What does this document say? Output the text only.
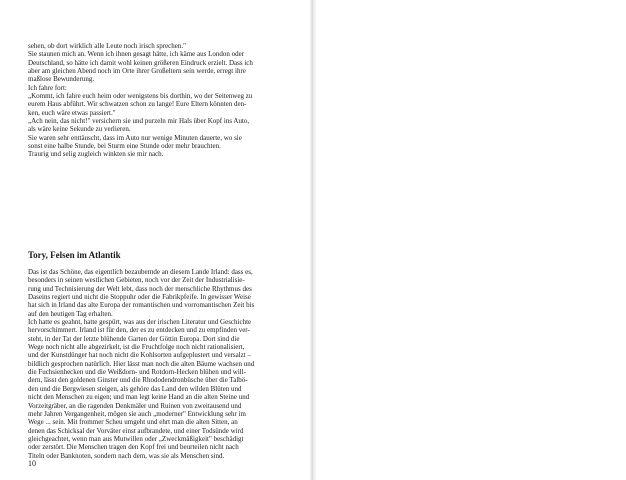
sehen, ob dort wirklich alle Leute noch irisch sprechen."
Sie staunen mich an. Wenn ich ihnen gesagt hätte, ich käme aus London oder
Deutschland, so hätte ich damit wohl keinen größeren Eindruck erzielt. Dass ich
aber am gleichen Abend noch im Orte ihrer Großeltern sein werde, erregt ihre
maßlose Bewunderung.
Ich fahre fort:
„Kommt, ich fahre euch heim oder wenigstens bis dorthin, wo der Seitenweg zu
eurem Haus abführt. Wir schwatzen schon zu lange! Eure Eltern könnten den-
ken, euch wäre etwas passiert."
„Ach nein, das nicht!" versichern sie und purzeln mir Hals über Kopf ins Auto,
als wäre keine Sekunde zu verlieren.
Sie waren sehr enttäuscht, dass im Auto nur wenige Minuten dauerte, wo sie
sonst eine halbe Stunde, bei Sturm eine Stunde oder mehr brauchten.
Traurig und selig zugleich winkten sie mir nach.

Tory, Felsen im Atlantik

Das ist das Schöne, das eigentlich bezaubernde an diesem Lande Irland: dass es,
besonders in seinen westlichen Gebieten, noch vor der Zeit der Industrialisie-
rung und Technisierung der Welt lebt, dass noch der menschliche Rhythmus des
Daseins regiert und nicht die Stoppuhr oder die Fabrikpfeife. In gewisser Weise
hat sich in Irland das alte Europa der romantischen und vorromantischen Zeit bis
auf den heutigen Tag erhalten.
Ich hatte es geahnt, hatte gespürt, was aus der irischen Literatur und Geschichte
hervorschimmert. Irland ist für den, der es zu entdecken und zu empfinden ver-
steht, in der Tat der letzte blühende Garten der Göttin Europa. Dort sind die
Wege noch nicht alle abgezirkelt, ist die Fruchtfolge noch nicht rationalisiert,
und der Kunstdünger hat noch nicht die Kohlsorten aufgeplustert und versalzt –
bildlich gesprochen natürlich. Hier lässt man noch die alten Bäume wachsen und
die Fuchsienhecken und die Weißdorn- und Rotdorn-Hecken blühen und will-
dern, lässt den goldenen Ginster und die Rhododendronbüsche über die Talbö-
den und die Bergwiesen steigen, als gehöre das Land den wilden Blüten und
nicht den Menschen zu eigen; und man legt keine Hand an die alten Steine und
Vorzeitgräber, an die ragenden Denkmäler und Ruinen von zweitausend und
mehr Jahren Vergangenheit, mögen sie auch „moderner" Entwicklung sehr im
Wege ... sein. Mit frommer Scheu umgeht und ehrt man die alten Sitten, an
denen das Schicksal der Vorväter einst aufbrandete, und einer Todsünde wird
gleichgeachtet, wenn man aus Mutwillen oder „Zweckmäßigkeit" beschädigt
oder zerstört. Die Menschen tragen den Kopf frei und beurteilen nicht nach
Titeln oder Banknoten, sondern nach dem, was sie als Menschen sind.

10
